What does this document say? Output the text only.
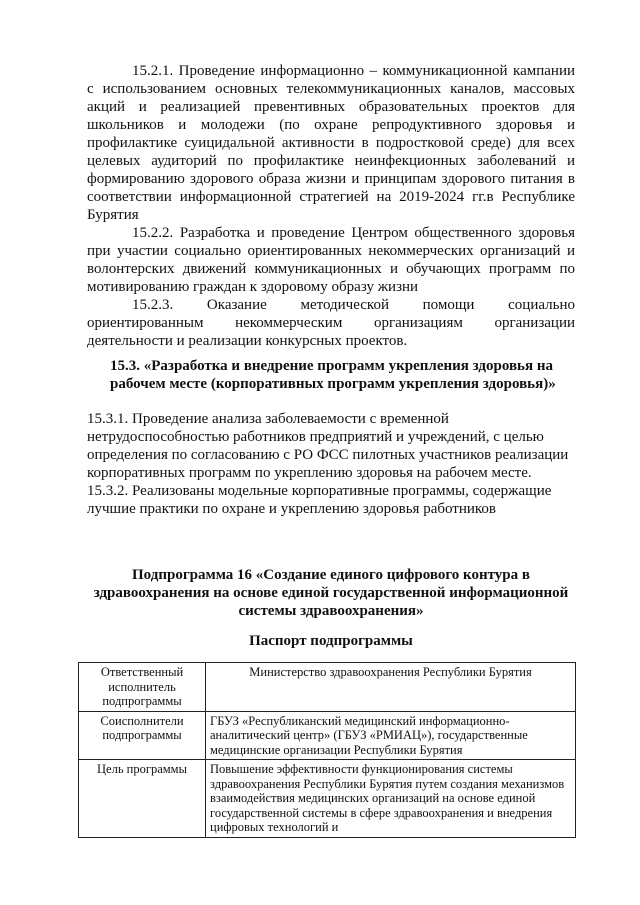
15.2.1. Проведение информационно – коммуникационной кампании с использованием основных телекоммуникационных каналов, массовых акций и реализацией превентивных образовательных проектов для школьников и молодежи (по охране репродуктивного здоровья и профилактике суицидальной активности в подростковой среде) для всех целевых аудиторий по профилактике неинфекционных заболеваний и формированию здорового образа жизни и принципам здорового питания в соответствии информационной стратегией на 2019-2024 гг.в Республике Бурятия

15.2.2. Разработка и проведение Центром общественного здоровья при участии социально ориентированных некоммерческих организаций и волонтерских движений коммуникационных и обучающих программ по мотивированию граждан к здоровому образу жизни

15.2.3. Оказание методической помощи социально ориентированным некоммерческим организациям организации деятельности и реализации конкурсных проектов.

15.3. «Разработка и внедрение программ укрепления здоровья на рабочем месте (корпоративных программ укрепления здоровья)»

15.3.1. Проведение анализа заболеваемости с временной нетрудоспособностью работников предприятий и учреждений, с целью определения по согласованию с РО ФСС пилотных участников реализации корпоративных программ по укреплению здоровья на рабочем месте.

15.3.2. Реализованы модельные корпоративные программы, содержащие лучшие практики по охране и укреплению здоровья работников

Подпрограмма 16 «Создание единого цифрового контура в здравоохранения на основе единой государственной информационной системы здравоохранения»
Паспорт подпрограммы
Ответственный исполнитель подпрограммы	Министерство здравоохранения Республики Бурятия
Соисполнители подпрограммы	ГБУЗ «Республиканский медицинский информационно-аналитический центр» (ГБУЗ «РМИАЦ»), государственные медицинские организации Республики Бурятия
Цель программы	Повышение эффективности функционирования системы здравоохранения Республики Бурятия путем создания механизмов взаимодействия медицинских организаций на основе единой государственной системы в сфере здравоохранения и внедрения цифровых технологий и
